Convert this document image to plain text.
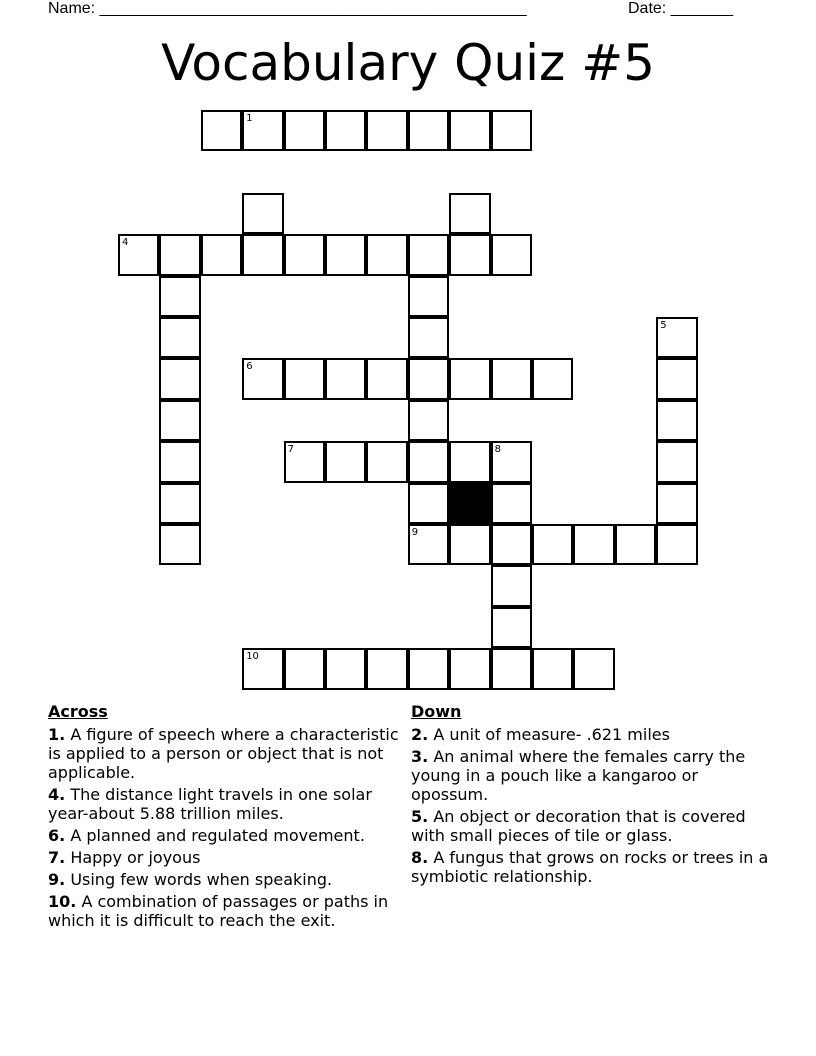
Name: ________________________________________________	Date: _______
Vocabulary Quiz #5
1
5
6
7	8
9
10
4
Across
1. A figure of speech where a characteristic is applied to a person or object that is not applicable.
4. The distance light travels in one solar year-about 5.88 trillion miles.
6. A planned and regulated movement.
7. Happy or joyous
9. Using few words when speaking.
10. A combination of passages or paths in which it is difficult to reach the exit.
Down
2. A unit of measure- .621 miles
3. An animal where the females carry the young in a pouch like a kangaroo or opossum.
5. An object or decoration that is covered with small pieces of tile or glass.
8. A fungus that grows on rocks or trees in a symbiotic relationship.
